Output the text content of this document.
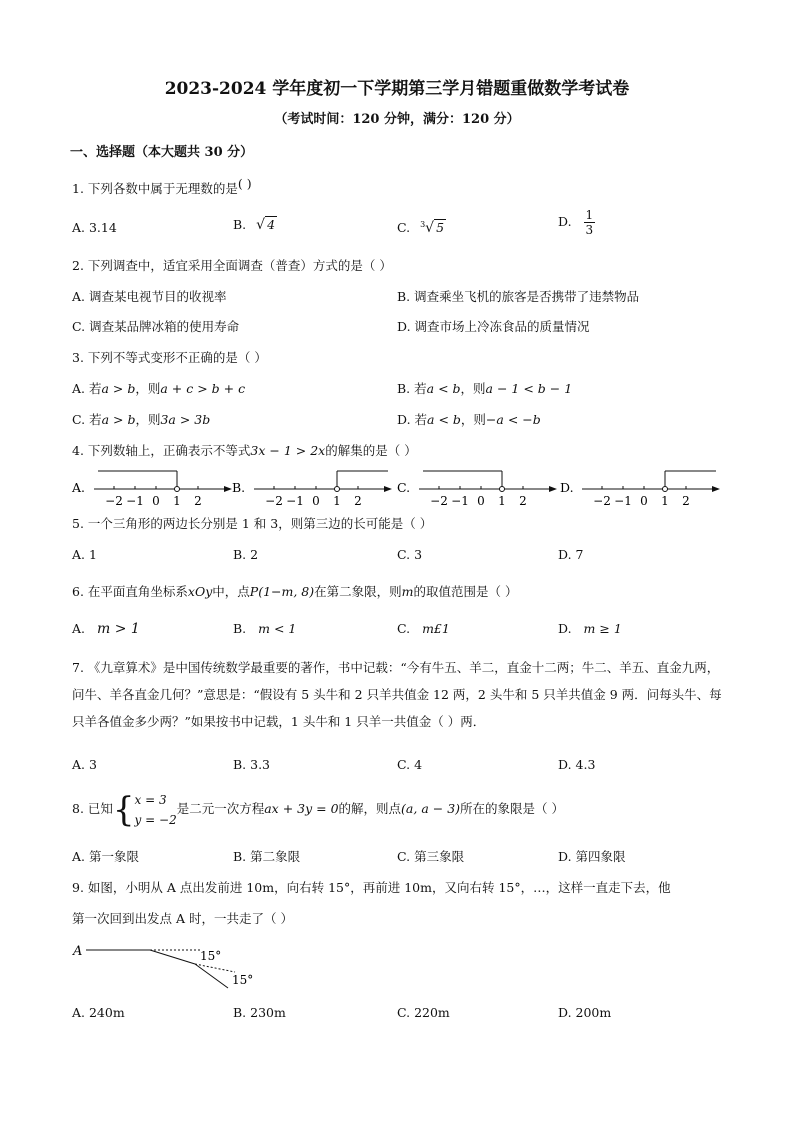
2023-2024 学年度初一下学期第三学月错题重做数学考试卷
（考试时间：120 分钟，满分：120 分）
一、选择题（本大题共 30 分）
1. 下列各数中属于无理数的是( )
A. 3.14	B. √ 4	C. $^3$√ 5	D. $\frac{1}{3}$
2. 下列调查中，适宜采用全面调查（普查）方式的是（ ）
A. 调查某电视节目的收视率	B. 调查乘坐飞机的旅客是否携带了违禁物品
C. 调查某品牌冰箱的使用寿命	D. 调查市场上冷冻食品的质量情况
3. 下列不等式变形不正确的是（ ）
A. 若a > b，则a + c > b + c	B. 若a < b，则a − 1 < b − 1
C. 若a > b，则3a > 3b	D. 若a < b，则−a < −b
4. 下列数轴上，正确表示不等式3x − 1 > 2x的解集的是（ ）
A.
−2 −1 0 1 2
B.
−2 −1 0 1 2
C.
−2 −1 0 1 2
D.
−2 −1 0 1 2
5. 一个三角形的两边长分别是 1 和 3，则第三边的长可能是（ ）
A. 1	B. 2	C. 3	D. 7
6. 在平面直角坐标系xOy中，点P(1−m, 8)在第二象限，则m的取值范围是（ ）
A. m > 1	B. m < 1	C. m£1	D. m ≥ 1
7. 《九章算术》是中国传统数学最重要的著作，书中记载：“今有牛五、羊二，直金十二两；牛二、羊五、直金九两，问牛、羊各直金几何？”意思是：“假设有 5 头牛和 2 只羊共值金 12 两，2 头牛和 5 只羊共值金 9 两．问每头牛、每只羊各值金多少两？”如果按书中记载，1 头牛和 1 只羊一共值金（ ）两．
A. 3	B. 3.3	C. 4	D. 4.3
8. 已知{ x = 3
y = −2
是二元一次方程ax + 3y = 0的解，则点(a, a − 3)所在的象限是（ ）
A. 第一象限	B. 第二象限	C. 第三象限	D. 第四象限
9. 如图，小明从 A 点出发前进 10m，向右转 15°，再前进 10m，又向右转 15°，…，这样一直走下去，他
第一次回到出发点 A 时，一共走了（ ）
A	15°
15°
A. 240m	B. 230m	C. 220m	D. 200m
